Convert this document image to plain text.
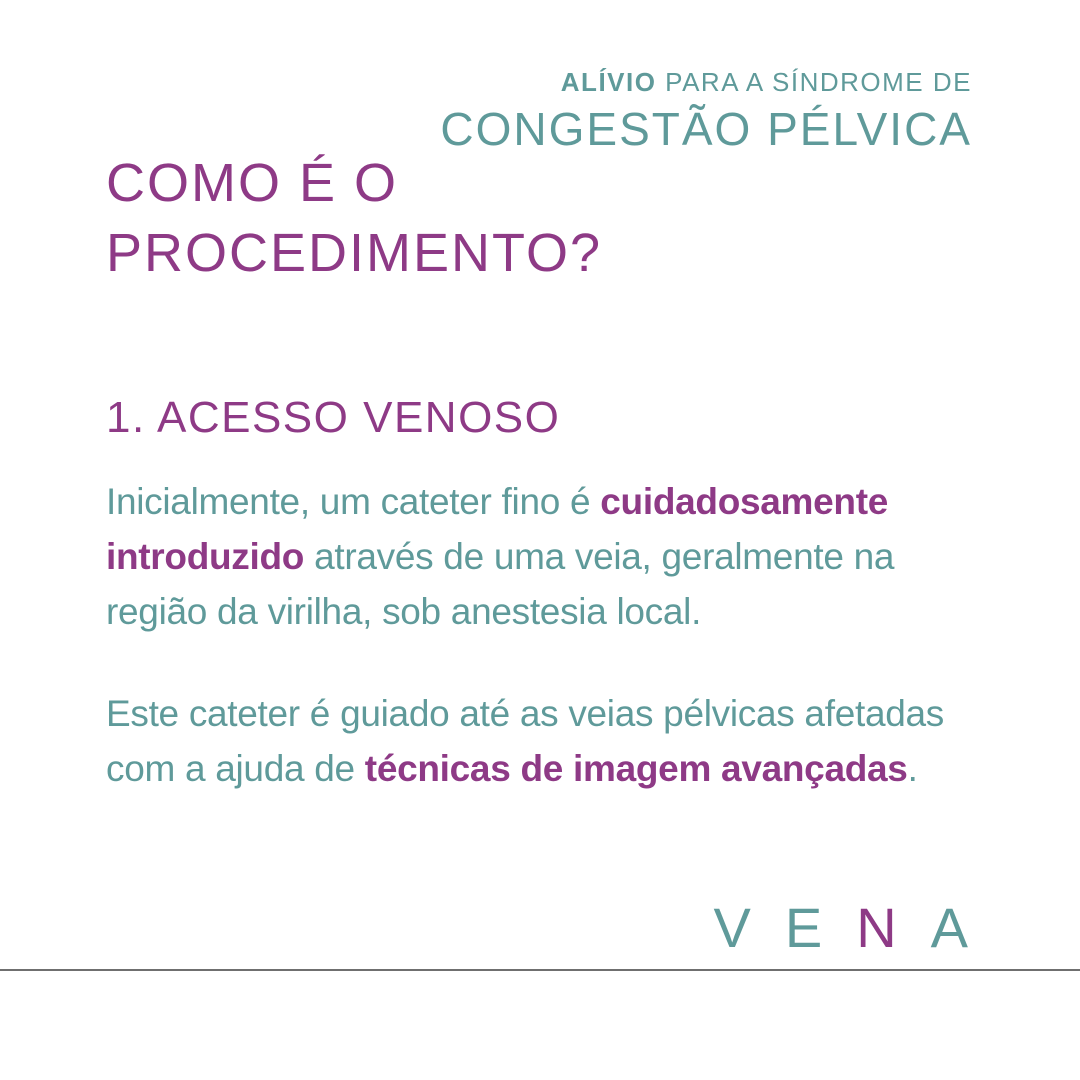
ALÍVIO PARA A SÍNDROME DE
CONGESTÃO PÉLVICA
COMO É O
PROCEDIMENTO?
1. ACESSO VENOSO

Inicialmente, um cateter fino é cuidadosamente introduzido através de uma veia, geralmente na região da virilha, sob anestesia local.

Este cateter é guiado até as veias pélvicas afetadas com a ajuda de técnicas de imagem avançadas.

V E N A
